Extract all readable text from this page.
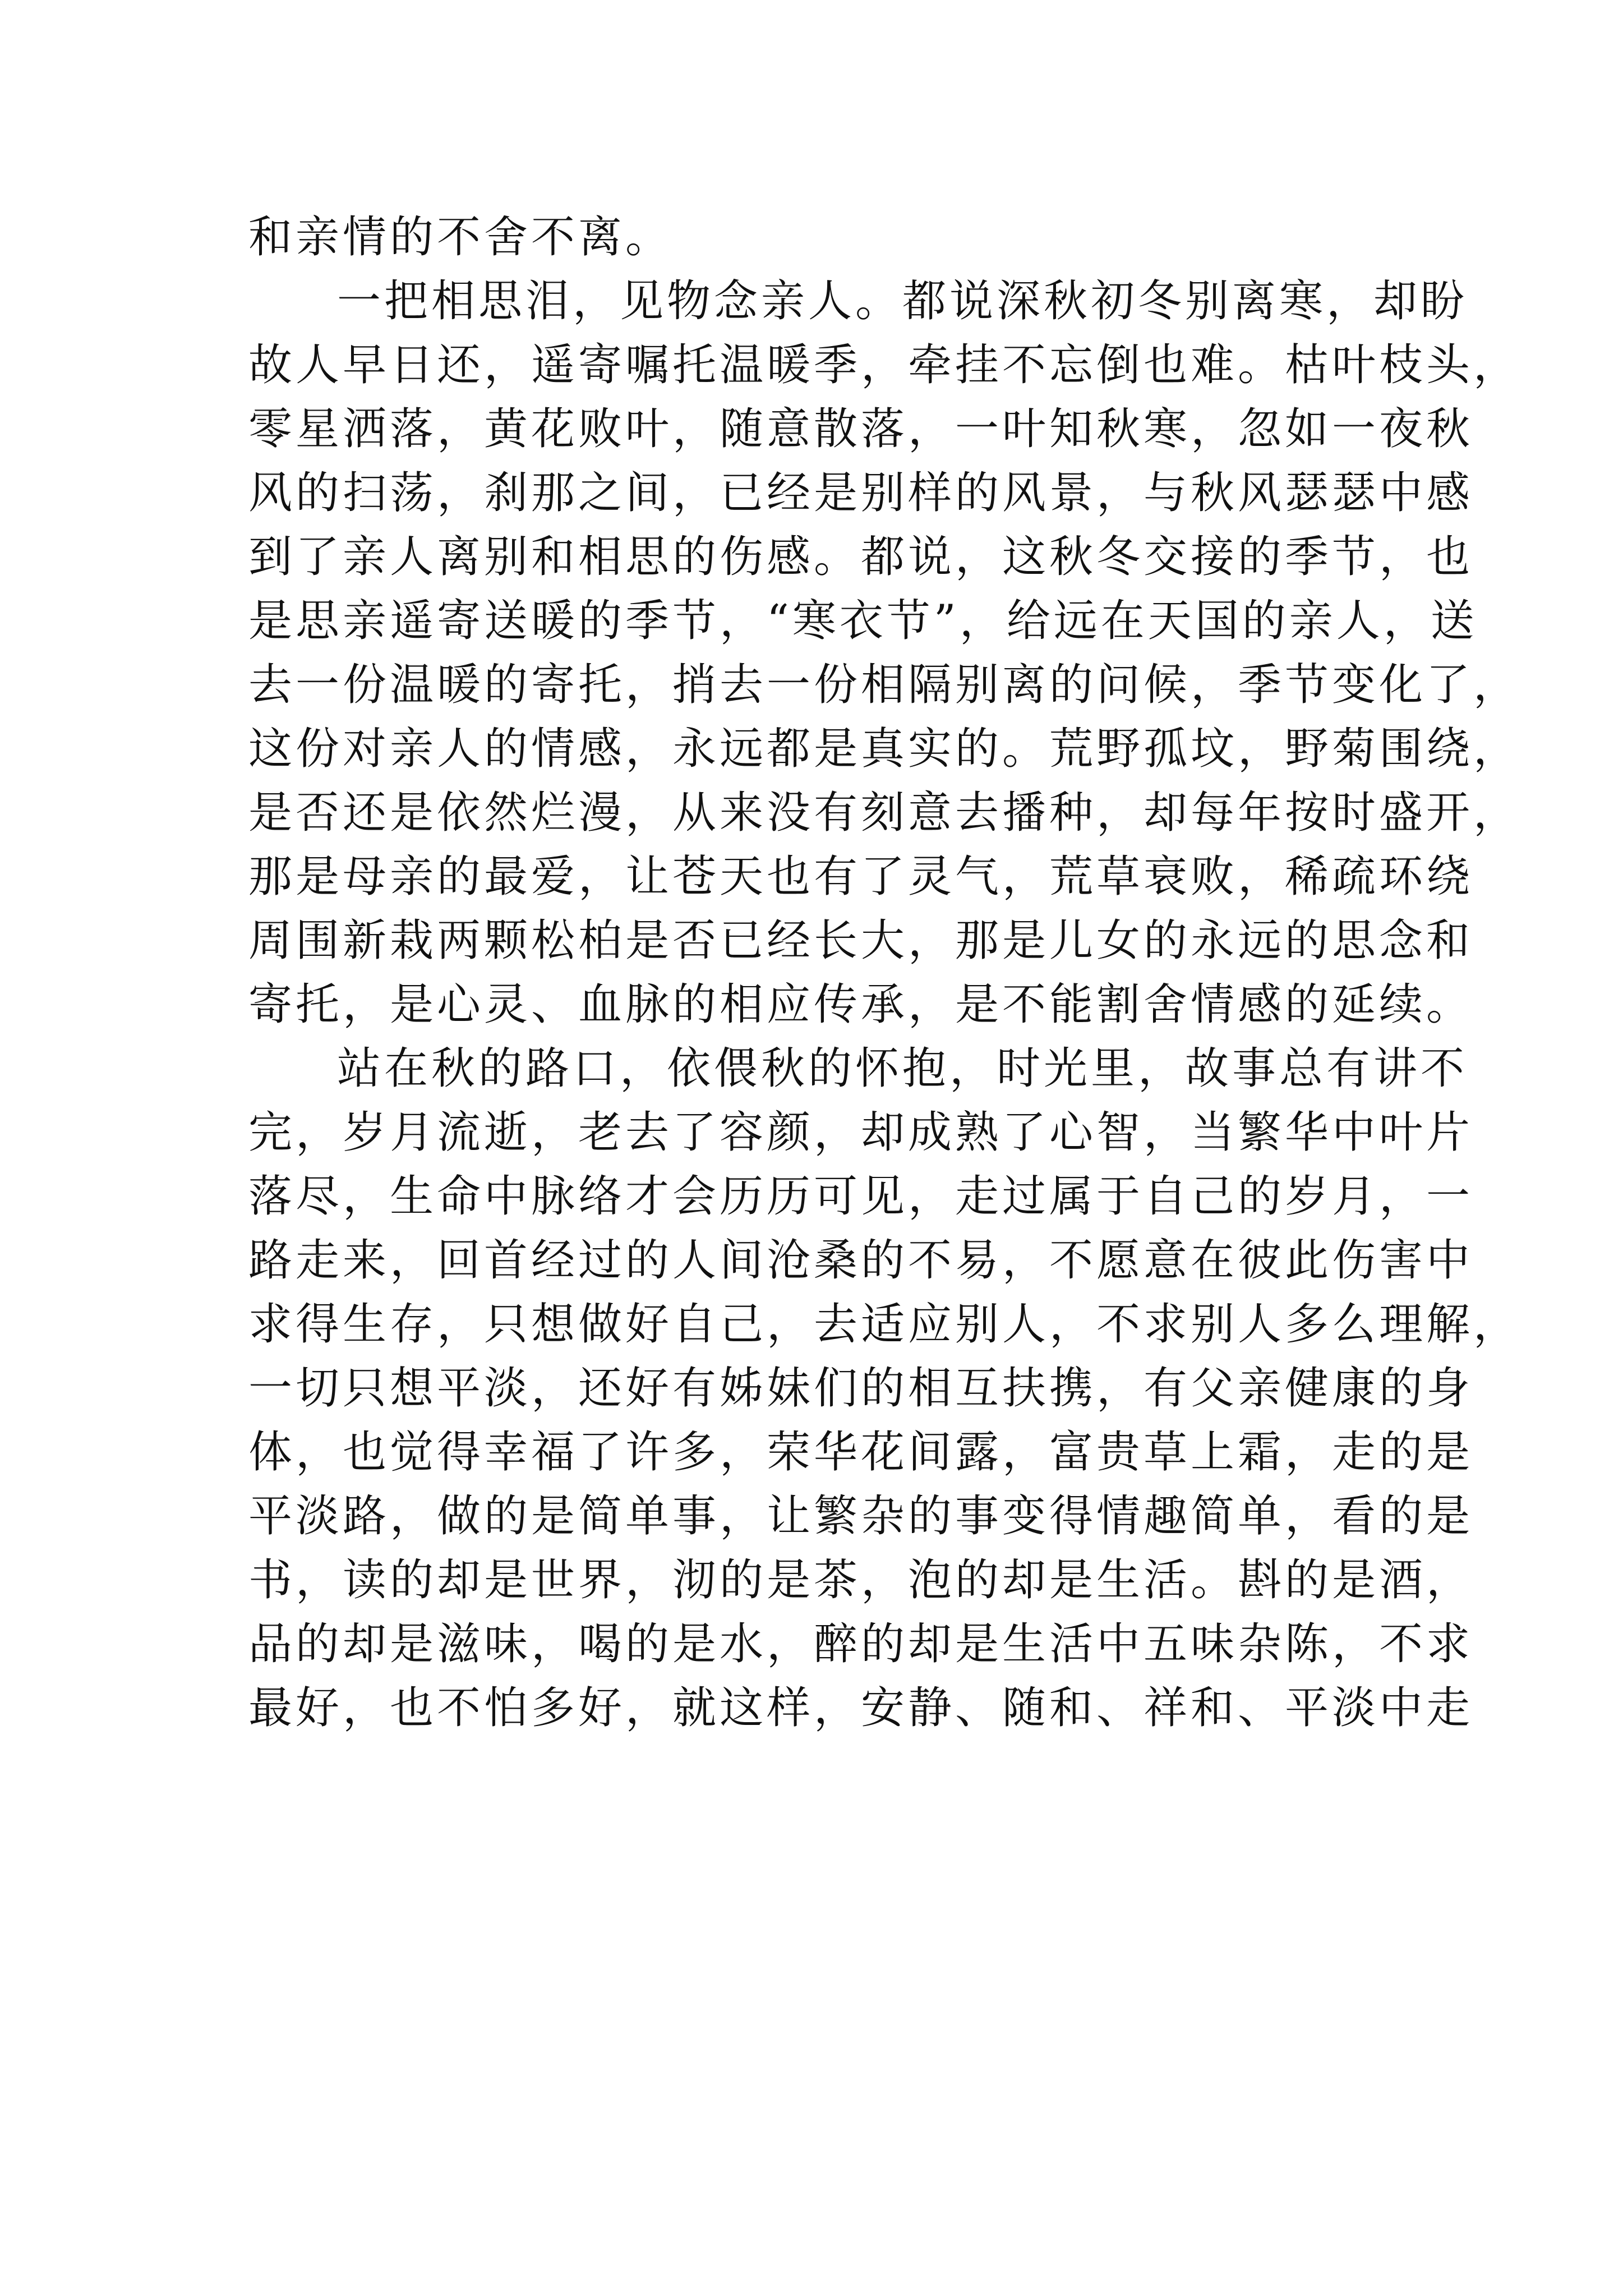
和亲情的不舍不离。
一把相思泪，见物念亲人。都说深秋初冬别离寒，却盼
故人早日还，遥寄嘱托温暖季，牵挂不忘倒也难。枯叶枝头，
零星洒落，黄花败叶，随意散落，一叶知秋寒，忽如一夜秋
风的扫荡，刹那之间，已经是别样的风景，与秋风瑟瑟中感
到了亲人离别和相思的伤感。都说，这秋冬交接的季节，也
是思亲遥寄送暖的季节，“寒衣节”，给远在天国的亲人，送
去一份温暖的寄托，捎去一份相隔别离的问候，季节变化了，
这份对亲人的情感，永远都是真实的。荒野孤坟，野菊围绕，
是否还是依然烂漫，从来没有刻意去播种，却每年按时盛开，
那是母亲的最爱，让苍天也有了灵气，荒草衰败，稀疏环绕
周围新栽两颗松柏是否已经长大，那是儿女的永远的思念和
寄托，是心灵、血脉的相应传承，是不能割舍情感的延续。
站在秋的路口，依偎秋的怀抱，时光里，故事总有讲不
完，岁月流逝，老去了容颜，却成熟了心智，当繁华中叶片
落尽，生命中脉络才会历历可见，走过属于自己的岁月，一
路走来，回首经过的人间沧桑的不易，不愿意在彼此伤害中
求得生存，只想做好自己，去适应别人，不求别人多么理解，
一切只想平淡，还好有姊妹们的相互扶携，有父亲健康的身
体，也觉得幸福了许多，荣华花间露，富贵草上霜，走的是
平淡路，做的是简单事，让繁杂的事变得情趣简单，看的是
书，读的却是世界，沏的是茶，泡的却是生活。斟的是酒，
品的却是滋味，喝的是水，醉的却是生活中五味杂陈，不求
最好，也不怕多好，就这样，安静、随和、祥和、平淡中走
